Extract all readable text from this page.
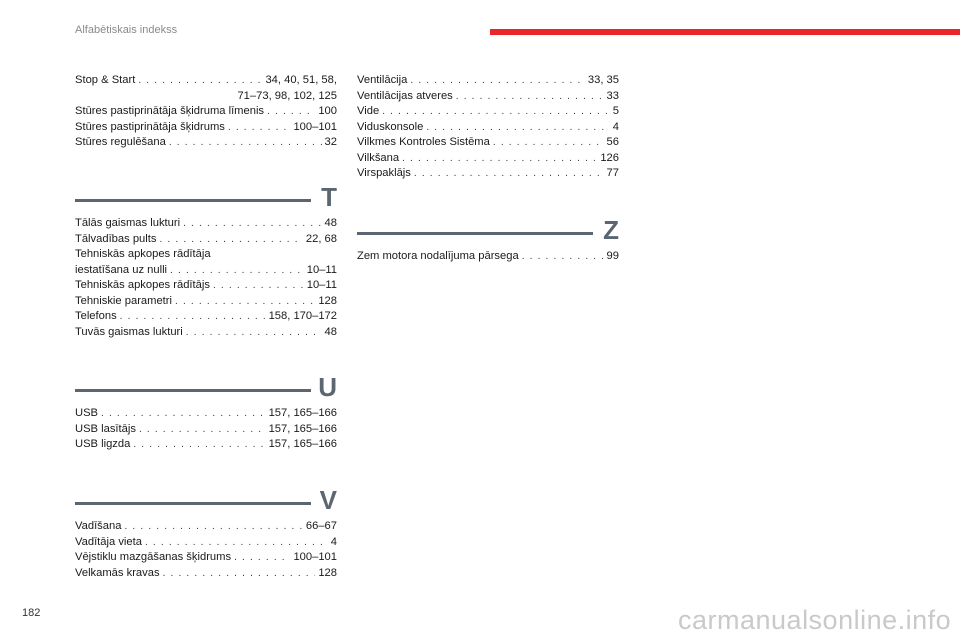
Alfabētiskais indekss
Stop & Start . . .	34, 40, 51, 58,
71–73, 98, 102, 125
Stūres pastiprinātāja šķidruma līmenis . . .	100
Stūres pastiprinātāja šķidrums . . .	100–101
Stūres regulēšana . . .	32
T
Tālās gaismas lukturi . . .	48
Tālvadības pults . . .	22, 68
Tehniskās apkopes rādītāja
iestatīšana uz nulli . . .	10–11
Tehniskās apkopes rādītājs . . .	10–11
Tehniskie parametri . . .	128
Telefons . . .	158, 170–172
Tuvās gaismas lukturi . . .	48
U
USB . . .	157, 165–166
USB lasītājs . . .	157, 165–166
USB ligzda . . .	157, 165–166
V
Vadīšana . . .	66–67
Vadītāja vieta . . .	4
Vējstiklu mazgāšanas šķidrums . . .	100–101
Velkamās kravas . . .	128
Ventilācija . . .	33, 35
Ventilācijas atveres . . .	33
Vide . . .	5
Viduskonsole . . .	4
Vilkmes Kontroles Sistēma . . .	56
Vilkšana . . .	126
Virspaklājs . . .	77
Z
Zem motora nodalījuma pārsega . . .	99
182	carmanualsonline.info
